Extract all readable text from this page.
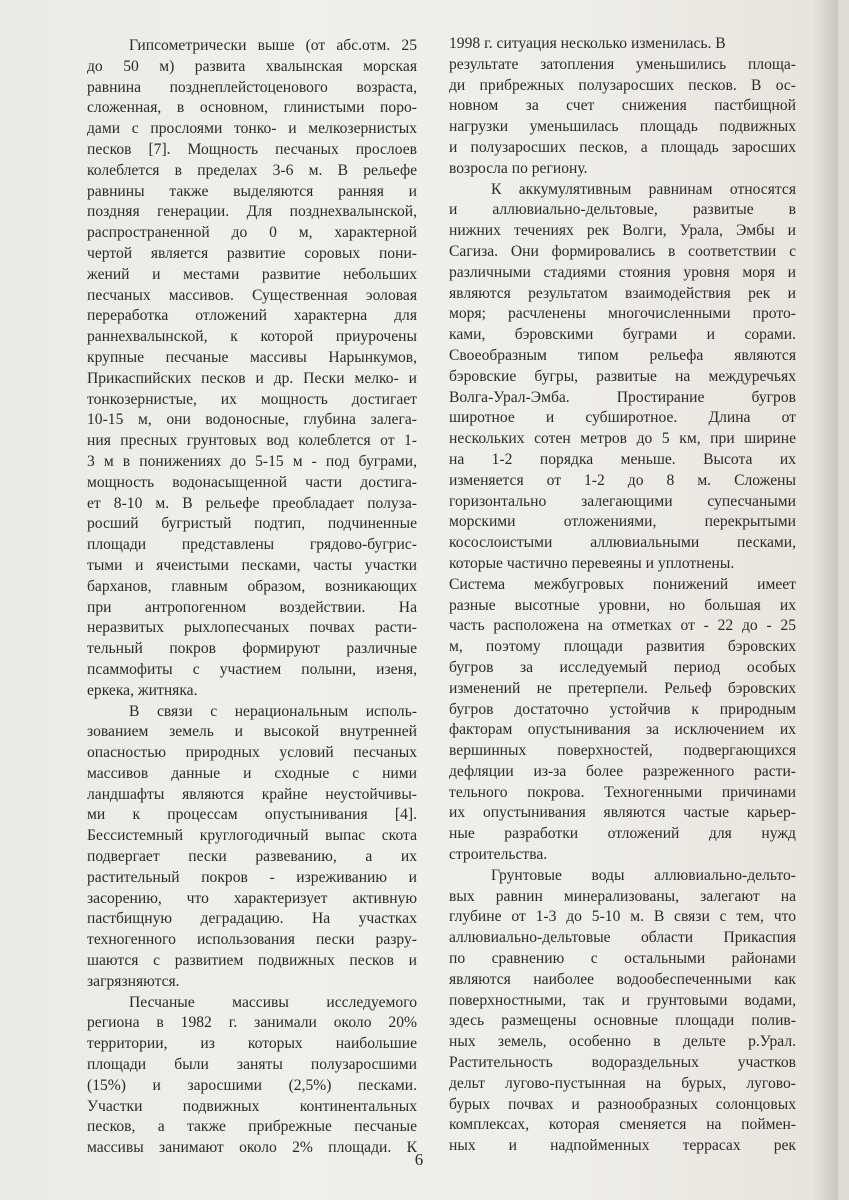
Гипсометрически выше (от абс.отм. 25
до 50 м) развита хвалынская морская
равнина позднеплейстоценового возраста,
сложенная, в основном, глинистыми поро-
дами с прослоями тонко- и мелкозернистых
песков [7]. Мощность песчаных прослоев
колеблется в пределах 3-6 м. В рельефе
равнины также выделяются ранняя и
поздняя генерации. Для позднехвалынской,
распространенной до 0 м, характерной
чертой является развитие соровых пони-
жений и местами развитие небольших
песчаных массивов. Существенная эоловая
переработка отложений характерна для
раннехвалынской, к которой приурочены
крупные песчаные массивы Нарынкумов,
Прикаспийских песков и др. Пески мелко- и
тонкозернистые, их мощность достигает
10-15 м, они водоносные, глубина залега-
ния пресных грунтовых вод колеблется от 1-
3 м в понижениях до 5-15 м - под буграми,
мощность водонасыщенной части достига-
ет 8-10 м. В рельефе преобладает полуза-
росший бугристый подтип, подчиненные
площади представлены грядово-бугрис-
тыми и ячеистыми песками, часты участки
барханов, главным образом, возникающих
при антропогенном воздействии. На
неразвитых рыхлопесчаных почвах расти-
тельный покров формируют различные
псаммофиты с участием полыни, изеня,
еркека, житняка.
В связи с нерациональным исполь-
зованием земель и высокой внутренней
опасностью природных условий песчаных
массивов данные и сходные с ними
ландшафты являются крайне неустойчивы-
ми к процессам опустынивания [4].
Бессистемный круглогодичный выпас скота
подвергает пески развеванию, а их
растительный покров - изреживанию и
засорению, что характеризует активную
пастбищную деградацию. На участках
техногенного использования пески разру-
шаются с развитием подвижных песков и
загрязняются.
Песчаные массивы исследуемого
региона в 1982 г. занимали около 20%
территории, из которых наибольшие
площади были заняты полузаросшими
(15%) и заросшими (2,5%) песками.
Участки подвижных континентальных
песков, а также прибрежные песчаные
массивы занимают около 2% площади. К
1998 г. ситуация несколько изменилась. В
результате затопления уменьшились площа-
ди прибрежных полузаросших песков. В ос-
новном за счет снижения пастбищной
нагрузки уменьшилась площадь подвижных
и полузаросших песков, а площадь заросших
возросла по региону.
К аккумулятивным равнинам относятся
и аллювиально-дельтовые, развитые в
нижних течениях рек Волги, Урала, Эмбы и
Сагиза. Они формировались в соответствии с
различными стадиями стояния уровня моря и
являются результатом взаимодействия рек и
моря; расчленены многочисленными прото-
ками, бэровскими буграми и сорами.
Своеобразным типом рельефа являются
бэровские бугры, развитые на междуречьях
Волга-Урал-Эмба. Простирание бугров
широтное и субширотное. Длина от
нескольких сотен метров до 5 км, при ширине
на 1-2 порядка меньше. Высота их
изменяется от 1-2 до 8 м. Сложены
горизонтально залегающими супесчаными
морскими отложениями, перекрытыми
косослоистыми аллювиальными песками,
которые частично перевеяны и уплотнены.
Система межбугровых понижений имеет
разные высотные уровни, но большая их
часть расположена на отметках от - 22 до - 25
м, поэтому площади развития бэровских
бугров за исследуемый период особых
изменений не претерпели. Рельеф бэровских
бугров достаточно устойчив к природным
факторам опустынивания за исключением их
вершинных поверхностей, подвергающихся
дефляции из-за более разреженного расти-
тельного покрова. Техногенными причинами
их опустынивания являются частые карьер-
ные разработки отложений для нужд
строительства.
Грунтовые воды аллювиально-дельто-
вых равнин минерализованы, залегают на
глубине от 1-3 до 5-10 м. В связи с тем, что
аллювиально-дельтовые области Прикаспия
по сравнению с остальными районами
являются наиболее водообеспеченными как
поверхностными, так и грунтовыми водами,
здесь размещены основные площади полив-
ных земель, особенно в дельте р.Урал.
Растительность водораздельных участков
дельт лугово-пустынная на бурых, лугово-
бурых почвах и разнообразных солонцовых
комплексах, которая сменяется на поймен-
ных и надпойменных террасах рек
6
